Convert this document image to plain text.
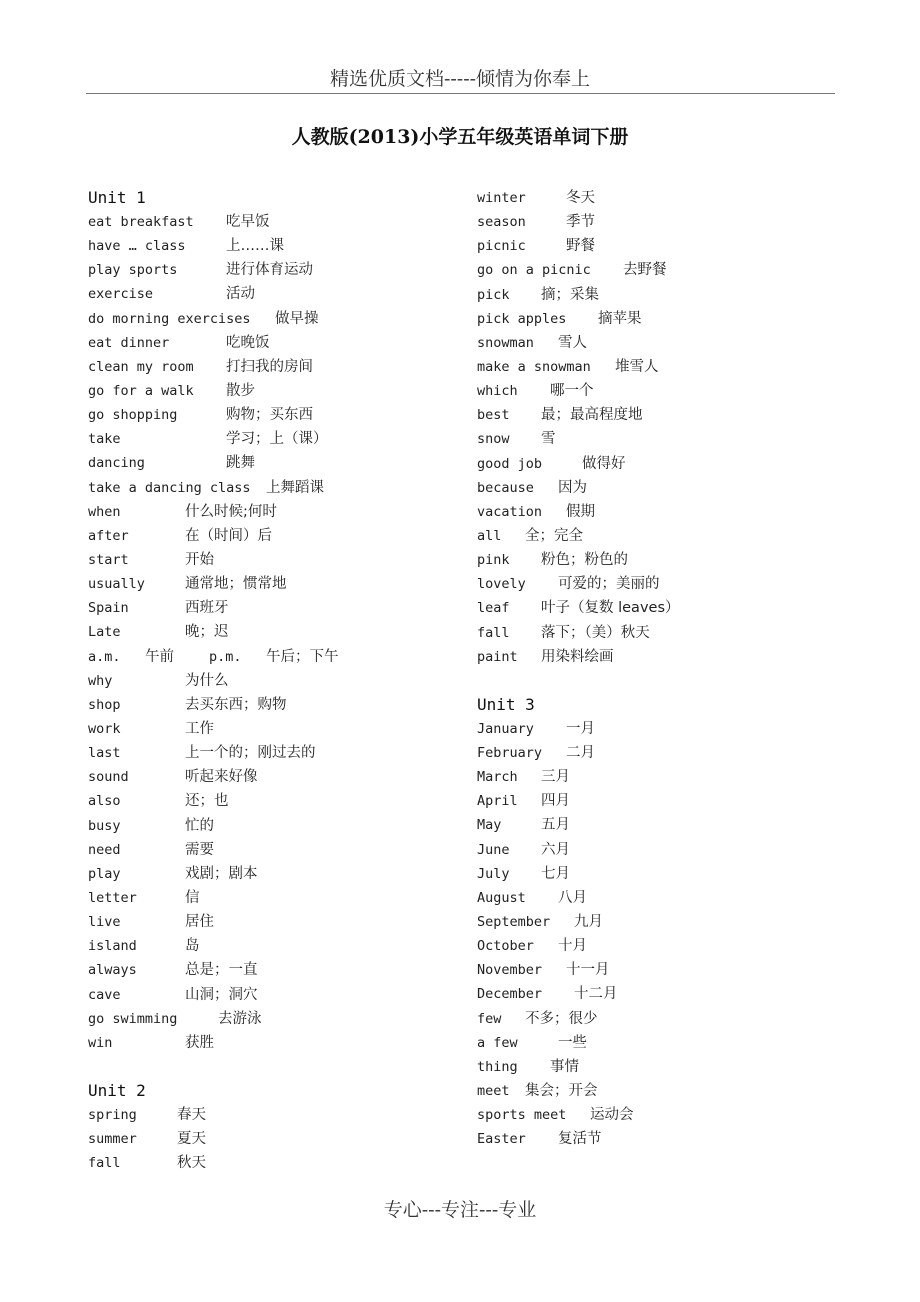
精选优质文档-----倾情为你奉上
人教版(2013)小学五年级英语单词下册
Unit 1
eat breakfast 吃早饭
have … class	上……课
play sports	进行体育运动
exercise	活动
do morning exercises 做早操
eat dinner	吃晚饭
clean my room 打扫我的房间
go for a walk 散步
go shopping	购物；买东西
take	学习；上（课）
dancing	跳舞
take a dancing class 上舞蹈课
when	什么时候;何时
after	在（时间）后
start	开始
usually	通常地；惯常地
Spain	西班牙
Late	晚；迟
a.m. 午前	p.m. 午后；下午
why	为什么
shop	去买东西；购物
work	工作
last	上一个的；刚过去的
sound	听起来好像
also	还；也
busy	忙的
need	需要
play	戏剧；剧本
letter	信
live	居住
island	岛
always	总是；一直
cave	山洞；洞穴
go swimming	去游泳
win	获胜
Unit 2
spring	春天
summer	夏天
fall	秋天
winter	冬天
season	季节
picnic	野餐
go on a picnic 去野餐
pick 摘；采集
pick apples 摘苹果
snowman 雪人
make a snowman 堆雪人
which 哪一个
best 最；最高程度地
snow 雪
good job	做得好
because 因为
vacation 假期
all 全；完全
pink 粉色；粉色的
lovely 可爱的；美丽的
leaf 叶子（复数 leaves）
fall 落下；（美）秋天
paint 用染料绘画
Unit 3
January 一月
February 二月
March 三月
April 四月
May	五月
June 六月
July 七月
August 八月
September 九月
October 十月
November 十一月
December 十二月
few 不多；很少
a few	一些
thing 事情
meet 集会；开会
sports meet 运动会
Easter 复活节
专心---专注---专业
